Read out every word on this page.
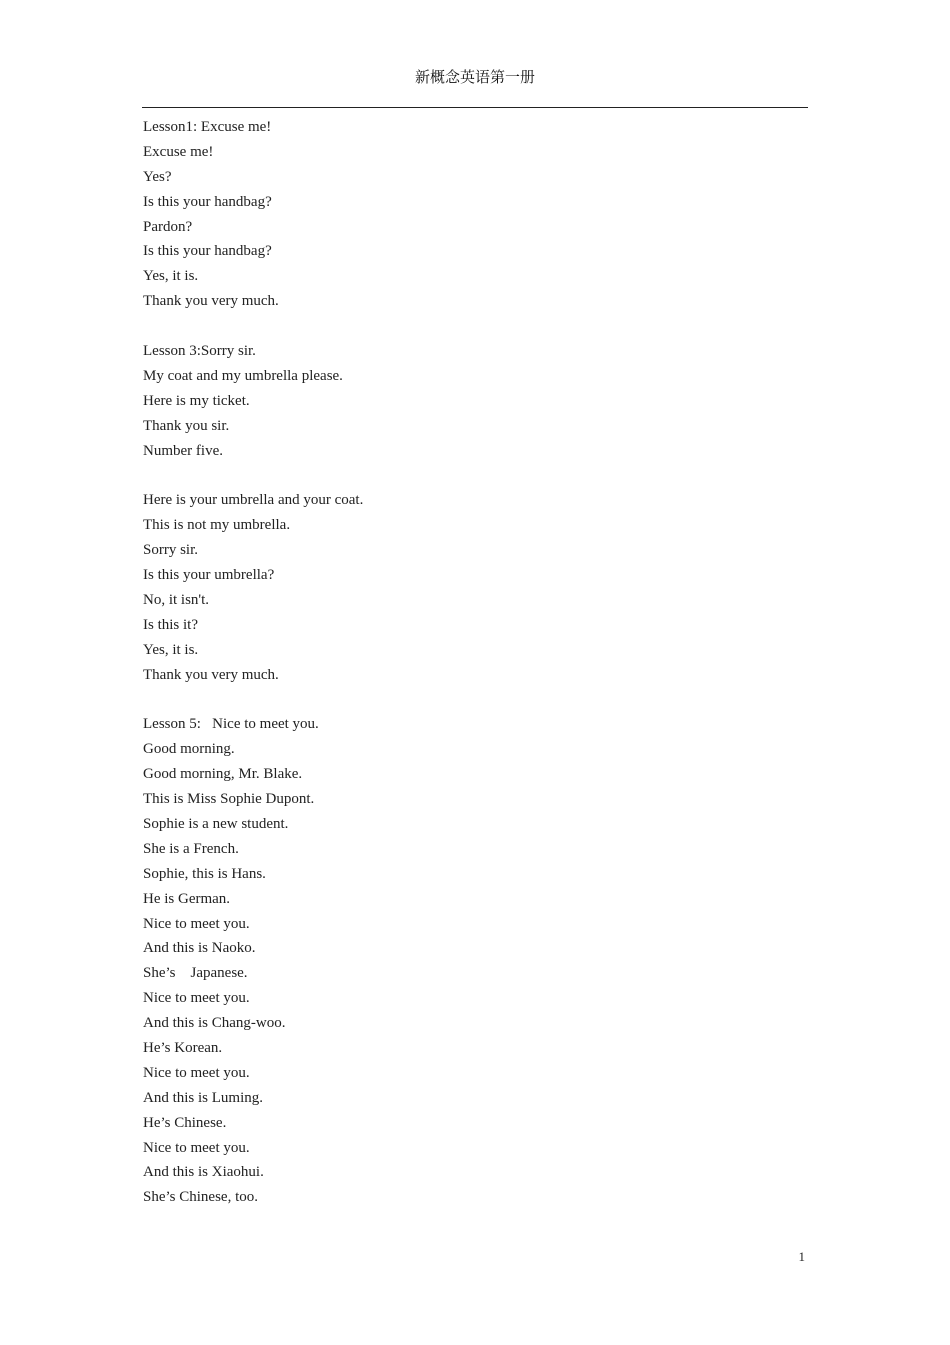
新概念英语第一册
Lesson1: Excuse me!
Excuse me!
Yes?
Is this your handbag?
Pardon?
Is this your handbag?
Yes, it is.
Thank you very much.
Lesson 3:Sorry sir.
My coat and my umbrella please.
Here is my ticket.
Thank you sir.
Number five.
Here is your umbrella and your coat.
This is not my umbrella.
Sorry sir.
Is this your umbrella?
No, it isn't.
Is this it?
Yes, it is.
Thank you very much.
Lesson 5:   Nice to meet you.
Good morning.
Good morning, Mr. Blake.
This is Miss Sophie Dupont.
Sophie is a new student.
She is a French.
Sophie, this is Hans.
He is German.
Nice to meet you.
And this is Naoko.
She’s    Japanese.
Nice to meet you.
And this is Chang-woo.
He’s Korean.
Nice to meet you.
And this is Luming.
He’s Chinese.
Nice to meet you.
And this is Xiaohui.
She’s Chinese, too.
1
